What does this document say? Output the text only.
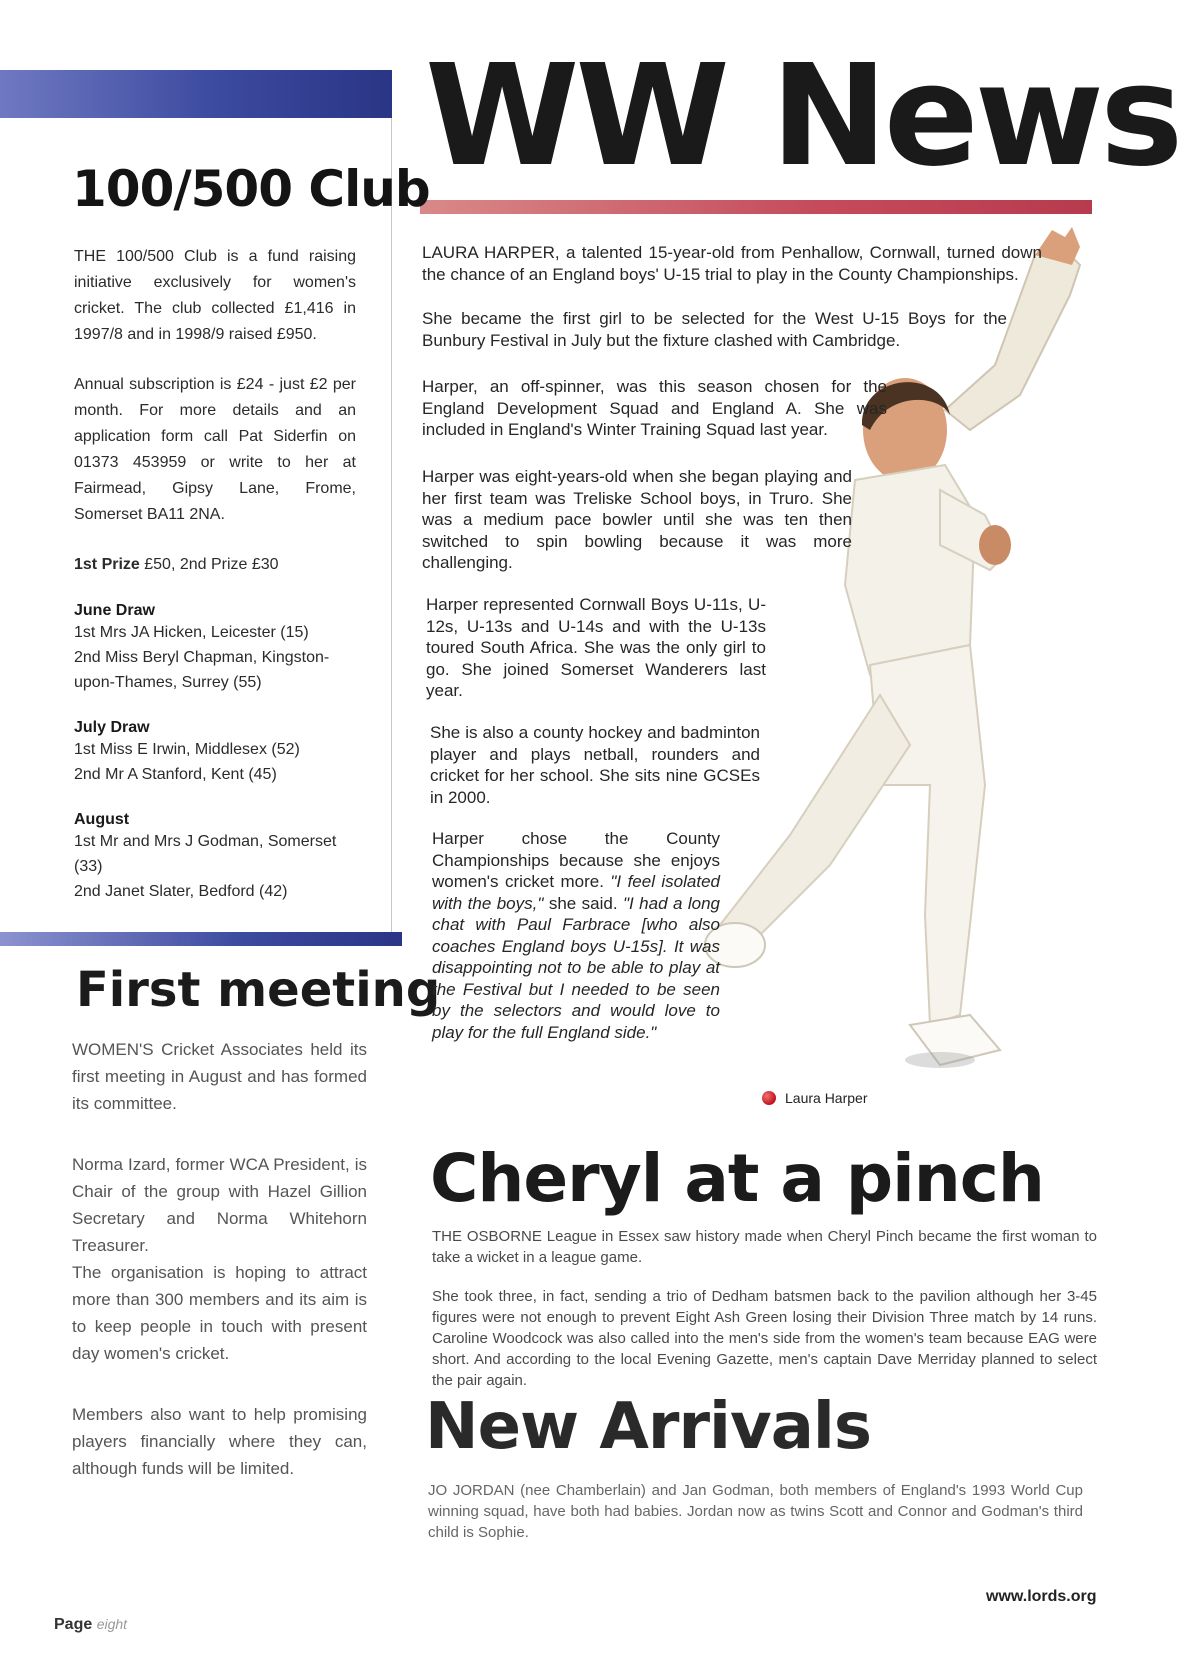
WW News
100/500 Club

THE 100/500 Club is a fund raising initiative exclusively for women's cricket. The club collected £1,416 in 1997/8 and in 1998/9 raised £950.

Annual subscription is £24 - just £2 per month. For more details and an application form call Pat Siderfin on 01373 453959 or write to her at Fairmead, Gipsy Lane, Frome, Somerset BA11 2NA.

1st Prize £50, 2nd Prize £30

June Draw
1st Mrs JA Hicken, Leicester (15)
2nd Miss Beryl Chapman, Kingston-upon-Thames, Surrey (55)
July Draw
1st Miss E Irwin, Middlesex (52)
2nd Mr A Stanford, Kent (45)
August
1st Mr and Mrs J Godman, Somerset (33)
2nd Janet Slater, Bedford (42)
First meeting

WOMEN'S Cricket Associates held its first meeting in August and has formed its committee.

Norma Izard, former WCA President, is Chair of the group with Hazel Gillion Secretary and Norma Whitehorn Treasurer.

The organisation is hoping to attract more than 300 members and its aim is to keep people in touch with present day women's cricket.

Members also want to help promising players financially where they can, although funds will be limited.

LAURA HARPER, a talented 15-year-old from Penhallow, Cornwall, turned down the chance of an England boys' U-15 trial to play in the County Championships.
She became the first girl to be selected for the West U-15 Boys for the Bunbury Festival in July but the fixture clashed with Cambridge.
Harper, an off-spinner, was this season chosen for the England Development Squad and England A. She was included in England's Winter Training Squad last year.
Harper was eight-years-old when she began playing and her first team was Treliske School boys, in Truro. She was a medium pace bowler until she was ten then switched to spin bowling because it was more challenging.
Harper represented Cornwall Boys U-11s, U-12s, U-13s and U-14s and with the U-13s toured South Africa. She was the only girl to go. She joined Somerset Wanderers last year.
She is also a county hockey and badminton player and plays netball, rounders and cricket for her school. She sits nine GCSEs in 2000.
Harper chose the County Championships because she enjoys women's cricket more. "I feel isolated with the boys," she said. "I had a long chat with Paul Farbrace [who also coaches England boys U-15s]. It was disappointing not to be able to play at the Festival but I needed to be seen by the selectors and would love to play for the full England side."
Laura Harper
Cheryl at a pinch
THE OSBORNE League in Essex saw history made when Cheryl Pinch became the first woman to take a wicket in a league game.
She took three, in fact, sending a trio of Dedham batsmen back to the pavilion although her 3-45 figures were not enough to prevent Eight Ash Green losing their Division Three match by 14 runs. Caroline Woodcock was also called into the men's side from the women's team because EAG were short. And according to the local Evening Gazette, men's captain Dave Merriday planned to select the pair again.
New Arrivals
JO JORDAN (nee Chamberlain) and Jan Godman, both members of England's 1993 World Cup winning squad, have both had babies. Jordan now as twins Scott and Connor and Godman's third child is Sophie.
Page eight
www.lords.org
